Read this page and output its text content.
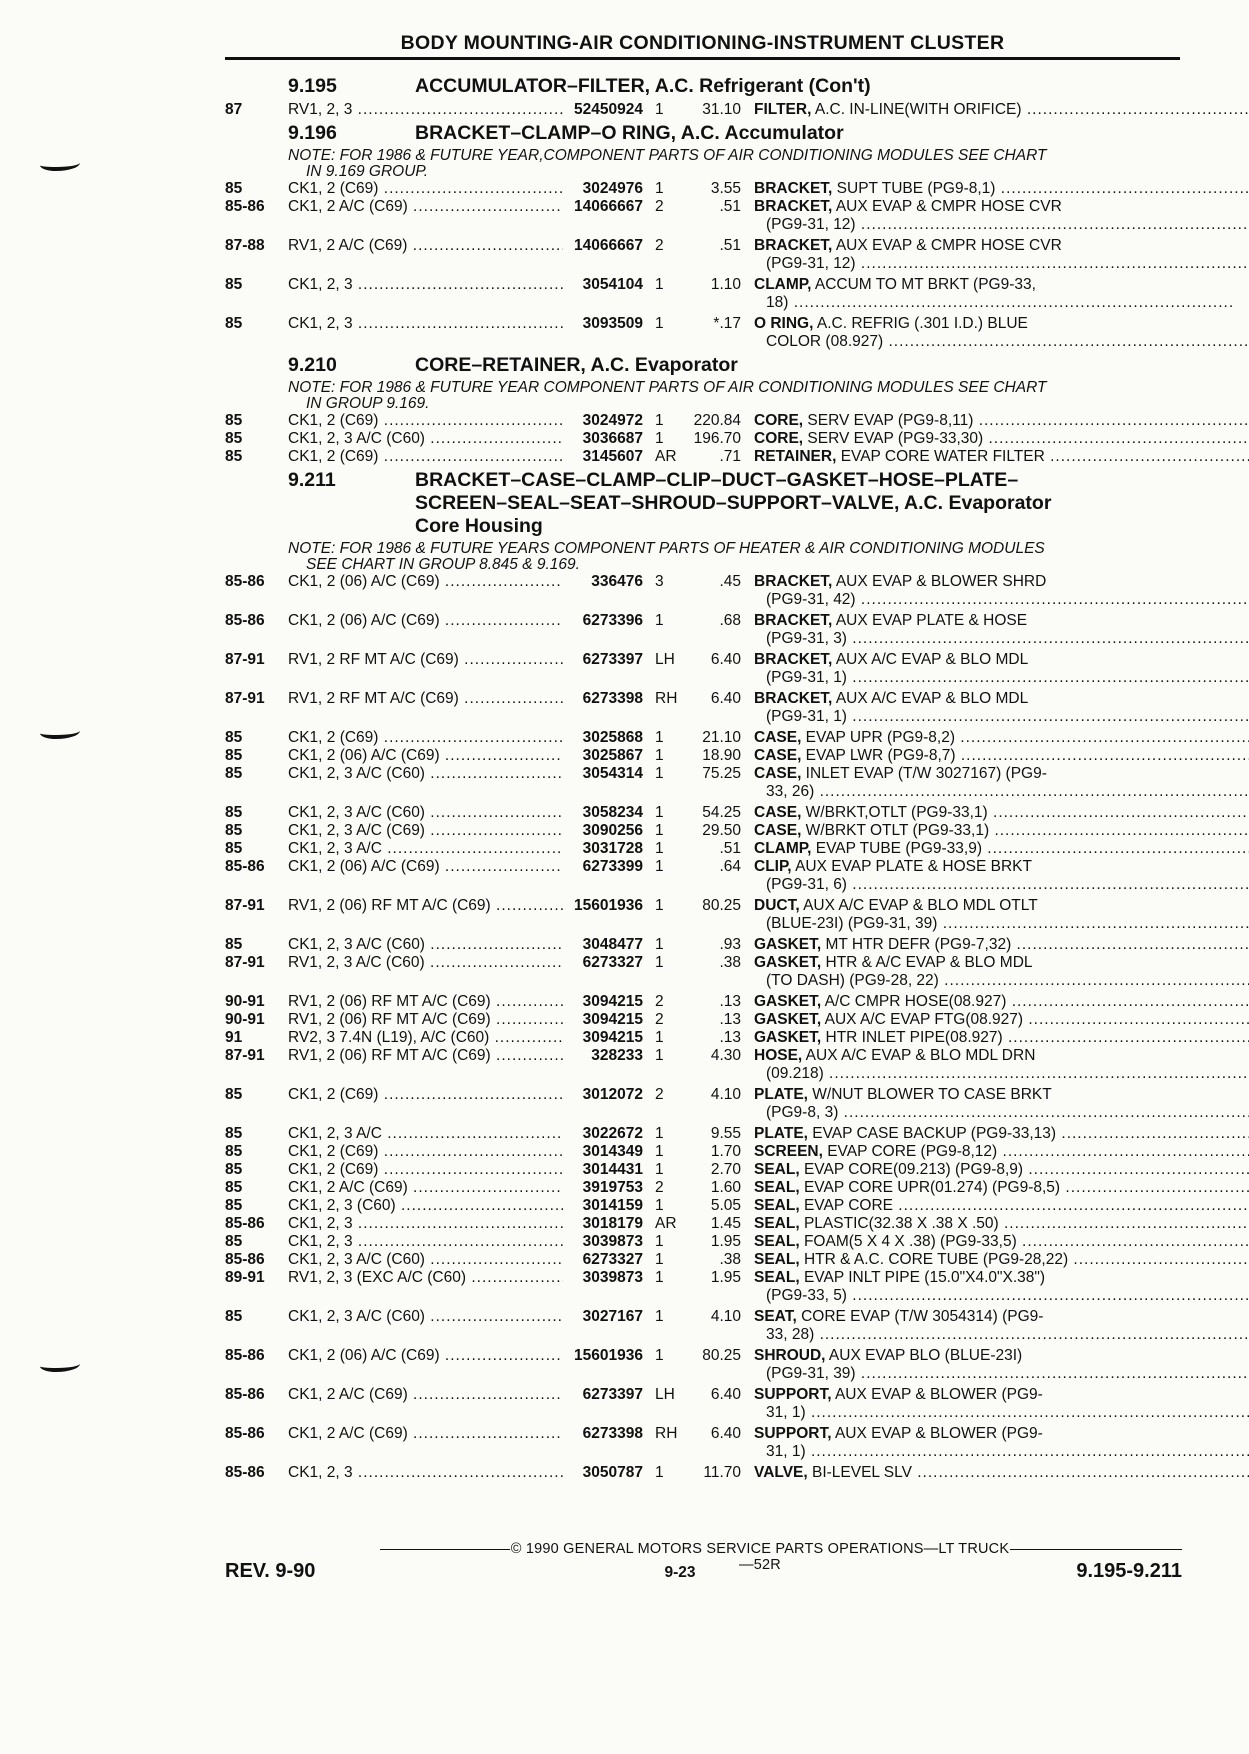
BODY MOUNTING-AIR CONDITIONING-INSTRUMENT CLUSTER
9.195	ACCUMULATOR–FILTER, A.C. Refrigerant (Con't)
87	RV1, 2, 3 .....	52450924 1	31.10 FILTER, A.C. IN-LINE(WITH ORIFICE) .....
9.196	BRACKET–CLAMP–O RING, A.C. Accumulator
NOTE: FOR 1986 & FUTURE YEAR,COMPONENT PARTS OF AIR CONDITIONING MODULES SEE CHART
IN 9.169 GROUP.
85	CK1, 2 (C69) .....	3024976 1	3.55 BRACKET, SUPT TUBE (PG9-8,1) .....
85-86	CK1, 2 A/C (C69) .....	14066667 2	.51 BRACKET, AUX EVAP & CMPR HOSE CVR
(PG9-31, 12) .....
87-88	RV1, 2 A/C (C69) .....	14066667 2	.51 BRACKET, AUX EVAP & CMPR HOSE CVR
(PG9-31, 12) .....
85	CK1, 2, 3 .....	3054104 1	1.10 CLAMP, ACCUM TO MT BRKT (PG9-33,
18) .....
85	CK1, 2, 3 .....	3093509 1	*.17 O RING, A.C. REFRIG (.301 I.D.) BLUE
COLOR (08.927) .....
9.210	CORE–RETAINER, A.C. Evaporator
NOTE: FOR 1986 & FUTURE YEAR COMPONENT PARTS OF AIR CONDITIONING MODULES SEE CHART
IN GROUP 9.169.
85	CK1, 2 (C69) .....	3024972 1	220.84 CORE, SERV EVAP (PG9-8,11) .....
85	CK1, 2, 3 A/C (C60) .....	3036687 1	196.70 CORE, SERV EVAP (PG9-33,30) .....
85	CK1, 2 (C69) .....	3145607 AR	.71 RETAINER, EVAP CORE WATER FILTER .....
9.211	BRACKET–CASE–CLAMP–CLIP–DUCT–GASKET–HOSE–PLATE–
SCREEN–SEAL–SEAT–SHROUD–SUPPORT–VALVE, A.C. Evaporator
Core Housing
NOTE: FOR 1986 & FUTURE YEARS COMPONENT PARTS OF HEATER & AIR CONDITIONING MODULES
SEE CHART IN GROUP 8.845 & 9.169.
85-86	CK1, 2 (06) A/C (C69) .....	336476 3	.45 BRACKET, AUX EVAP & BLOWER SHRD
(PG9-31, 42) .....
85-86	CK1, 2 (06) A/C (C69) .....	6273396 1	.68 BRACKET, AUX EVAP PLATE & HOSE
(PG9-31, 3) .....
87-91	RV1, 2 RF MT A/C (C69) .....	6273397 LH	6.40 BRACKET, AUX A/C EVAP & BLO MDL
(PG9-31, 1) .....
87-91	RV1, 2 RF MT A/C (C69) .....	6273398 RH	6.40 BRACKET, AUX A/C EVAP & BLO MDL
(PG9-31, 1) .....
85	CK1, 2 (C69) .....	3025868 1	21.10 CASE, EVAP UPR (PG9-8,2) .....
85	CK1, 2 (06) A/C (C69) .....	3025867 1	18.90 CASE, EVAP LWR (PG9-8,7) .....
85	CK1, 2, 3 A/C (C60) .....	3054314 1	75.25 CASE, INLET EVAP (T/W 3027167) (PG9-
33, 26) .....
85	CK1, 2, 3 A/C (C60) .....	3058234 1	54.25 CASE, W/BRKT,OTLT (PG9-33,1) .....
85	CK1, 2, 3 A/C (C69) .....	3090256 1	29.50 CASE, W/BRKT OTLT (PG9-33,1) .....
85	CK1, 2, 3 A/C .....	3031728 1	.51 CLAMP, EVAP TUBE (PG9-33,9) .....
85-86	CK1, 2 (06) A/C (C69) .....	6273399 1	.64 CLIP, AUX EVAP PLATE & HOSE BRKT
(PG9-31, 6) .....
87-91	RV1, 2 (06) RF MT A/C (C69) .....	15601936 1	80.25 DUCT, AUX A/C EVAP & BLO MDL OTLT
(BLUE-23I) (PG9-31, 39) .....
85	CK1, 2, 3 A/C (C60) .....	3048477 1	.93 GASKET, MT HTR DEFR (PG9-7,32) .....
87-91	RV1, 2, 3 A/C (C60) .....	6273327 1	.38 GASKET, HTR & A/C EVAP & BLO MDL
(TO DASH) (PG9-28, 22) .....
90-91	RV1, 2 (06) RF MT A/C (C69) .....	3094215 2	.13 GASKET, A/C CMPR HOSE(08.927) .....
90-91	RV1, 2 (06) RF MT A/C (C69) .....	3094215 2	.13 GASKET, AUX A/C EVAP FTG(08.927) .....
91	RV2, 3 7.4N (L19), A/C (C60) .....	3094215 1	.13 GASKET, HTR INLET PIPE(08.927) .....
87-91	RV1, 2 (06) RF MT A/C (C69) .....	328233 1	4.30 HOSE, AUX A/C EVAP & BLO MDL DRN
(09.218) .....
85	CK1, 2 (C69) .....	3012072 2	4.10 PLATE, W/NUT BLOWER TO CASE BRKT
(PG9-8, 3) .....
85	CK1, 2, 3 A/C .....	3022672 1	9.55 PLATE, EVAP CASE BACKUP (PG9-33,13) .....
85	CK1, 2 (C69) .....	3014349 1	1.70 SCREEN, EVAP CORE (PG9-8,12) .....
85	CK1, 2 (C69) .....	3014431 1	2.70 SEAL, EVAP CORE(09.213) (PG9-8,9) .....
85	CK1, 2 A/C (C69) .....	3919753 2	1.60 SEAL, EVAP CORE UPR(01.274) (PG9-8,5) .....
85	CK1, 2, 3 (C60) .....	3014159 1	5.05 SEAL, EVAP CORE .....
85-86	CK1, 2, 3 .....	3018179 AR	1.45 SEAL, PLASTIC(32.38 X .38 X .50) .....
85	CK1, 2, 3 .....	3039873 1	1.95 SEAL, FOAM(5 X 4 X .38) (PG9-33,5) .....
85-86	CK1, 2, 3 A/C (C60) .....	6273327 1	.38 SEAL, HTR & A.C. CORE TUBE (PG9-28,22) .....
89-91	RV1, 2, 3 (EXC A/C (C60) .....	3039873 1	1.95 SEAL, EVAP INLT PIPE (15.0"X4.0"X.38")
(PG9-33, 5) .....
85	CK1, 2, 3 A/C (C60) .....	3027167 1	4.10 SEAT, CORE EVAP (T/W 3054314) (PG9-
33, 28) .....
85-86	CK1, 2 (06) A/C (C69) .....	15601936 1	80.25 SHROUD, AUX EVAP BLO (BLUE-23I)
(PG9-31, 39) .....
85-86	CK1, 2 A/C (C69) .....	6273397 LH	6.40 SUPPORT, AUX EVAP & BLOWER (PG9-
31, 1) .....
85-86	CK1, 2 A/C (C69) .....	6273398 RH	6.40 SUPPORT, AUX EVAP & BLOWER (PG9-
31, 1) .....
85-86	CK1, 2, 3 .....	3050787 1	11.70 VALVE, BI-LEVEL SLV .....
© 1990 GENERAL MOTORS SERVICE PARTS OPERATIONS—LT TRUCK—52R
REV. 9-90	9-23	9.195-9.211
